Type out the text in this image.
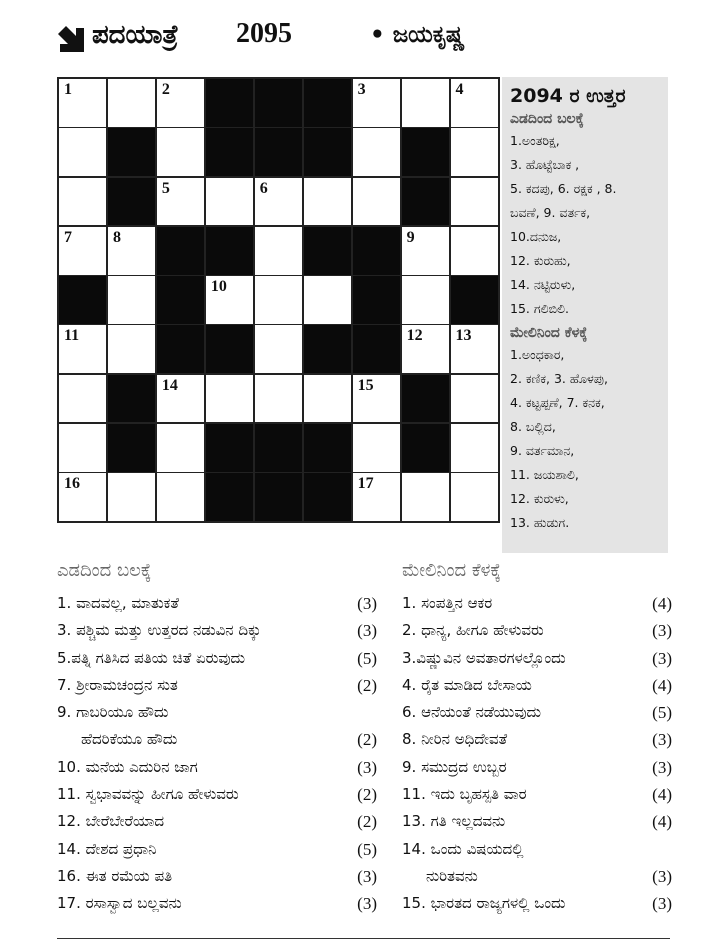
ಪದಯಾತ್ರೆ 2095	• ಜಯಕೃಷ್ಣ
1	2	3	4
5	6
7	8	9
10
11	12 13
14	15
16	17
2094 ರ ಉತ್ತರ
ಎಡದಿಂದ ಬಲಕ್ಕೆ
1.ಅಂತರಿಕ್ಷ,
3. ಹೊಟ್ಟೆಬಾಕ ,
5. ಕದಪು, 6. ರಕ್ಷಕ , 8.
ಬವಣೆ, 9. ವರ್ತಕ,
10.ದನುಜ,
12. ಕುರುಹು,
14. ನಟ್ಟಿರುಳು,
15. ಗಲಿಬಿಲಿ.
ಮೇಲಿನಿಂದ ಕೆಳಕ್ಕೆ
1.ಅಂಧಕಾರ,
2. ಕಣಿಕ, 3. ಹೊಳಪು,
4. ಕಟ್ಟಪ್ಪಣೆ, 7. ಕನಕ,
8. ಬಲ್ಲಿದ,
9. ವರ್ತಮಾನ,
11. ಜಯಶಾಲಿ,
12. ಕುರುಳು,
13. ಹುಡುಗ.
ಎಡದಿಂದ ಬಲಕ್ಕೆ
1. ವಾದವಲ್ಲ, ಮಾತುಕತೆ	(3)
3. ಪಶ್ಚಿಮ ಮತ್ತು ಉತ್ತರದ ನಡುವಿನ ದಿಕ್ಕು	(3)
5.ಪತ್ನಿ ಗತಿಸಿದ ಪತಿಯ ಚಿತೆ ಏರುವುದು	(5)
7. ಶ್ರೀರಾಮಚಂದ್ರನ ಸುತ	(2)
9. ಗಾಬರಿಯೂ ಹೌದು
ಹೆದರಿಕೆಯೂ ಹೌದು	(2)
10. ಮನೆಯ ಎದುರಿನ ಜಾಗ	(3)
11. ಸ್ವಭಾವವನ್ನು ಹೀಗೂ ಹೇಳುವರು	(2)
12. ಬೇರೆಬೇರೆಯಾದ	(2)
14. ದೇಶದ ಪ್ರಧಾನಿ	(5)
16. ಈತ ರಮೆಯ ಪತಿ	(3)
17. ರಸಾಸ್ವಾದ ಬಲ್ಲವನು	(3)
ಮೇಲಿನಿಂದ ಕೆಳಕ್ಕೆ
1. ಸಂಪತ್ತಿನ ಆಕರ	(4)
2. ಧಾನ್ಯ, ಹೀಗೂ ಹೇಳುವರು	(3)
3.ವಿಷ್ಣುವಿನ ಅವತಾರಗಳಲ್ಲೊಂದು	(3)
4. ರೈತ ಮಾಡಿದ ಬೇಸಾಯ	(4)
6. ಆನೆಯಂತೆ ನಡೆಯುವುದು	(5)
8. ನೀರಿನ ಅಧಿದೇವತೆ	(3)
9. ಸಮುದ್ರದ ಉಬ್ಬರ	(3)
11. ಇದು ಬೃಹಸ್ಪತಿ ವಾರ	(4)
13. ಗತಿ ಇಲ್ಲದವನು	(4)
14. ಒಂದು ವಿಷಯದಲ್ಲಿ
ನುರಿತವನು	(3)
15. ಭಾರತದ ರಾಜ್ಯಗಳಲ್ಲಿ ಒಂದು	(3)
